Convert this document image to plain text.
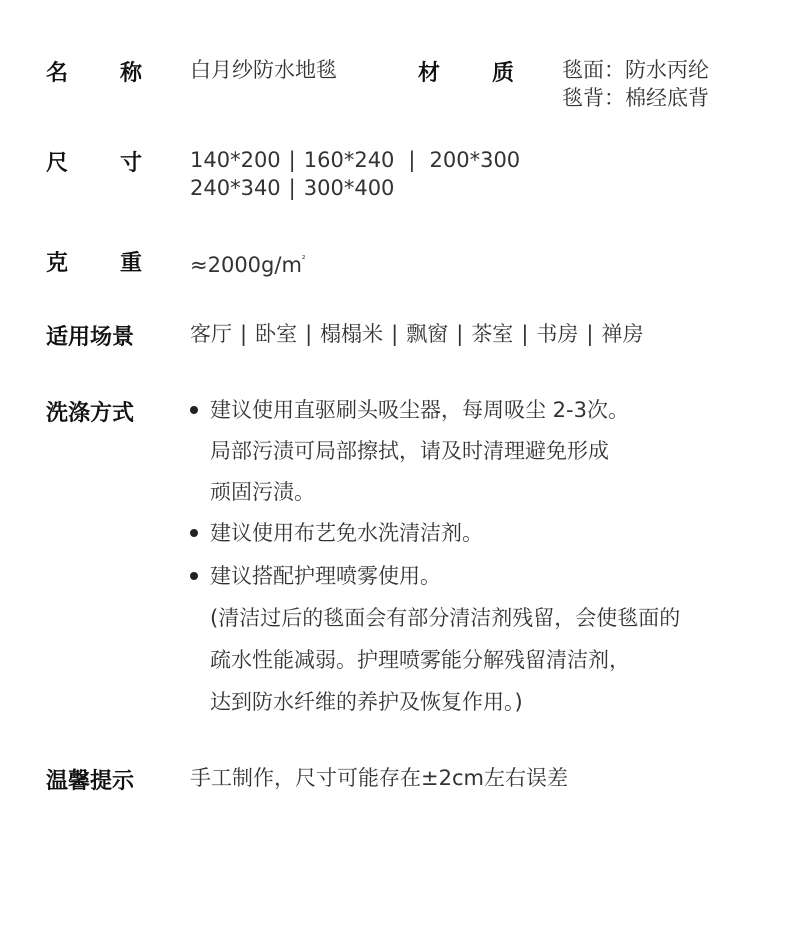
名 称 白月纱防水地毯	材 质 毯面：防水丙纶
毯背：棉经底背
尺 寸 140*200 | 160*240 | 200*300
240*340 | 300*400
克 重 $\approx 2000g/m^{^2}$
适用场景	客厅 | 卧室 | 榻榻米 | 飘窗 | 茶室 | 书房 | 禅房
洗涤方式	建议使用直驱刷头吸尘器，每周吸尘 2-3次。
局部污渍可局部擦拭，请及时清理避免形成
顽固污渍。
建议使用布艺免水洗清洁剂。
建议搭配护理喷雾使用。
(清洁过后的毯面会有部分清洁剂残留，会使毯面的
疏水性能减弱。护理喷雾能分解残留清洁剂，
达到防水纤维的养护及恢复作用。)
温馨提示	手工制作，尺寸可能存在±2cm左右误差
